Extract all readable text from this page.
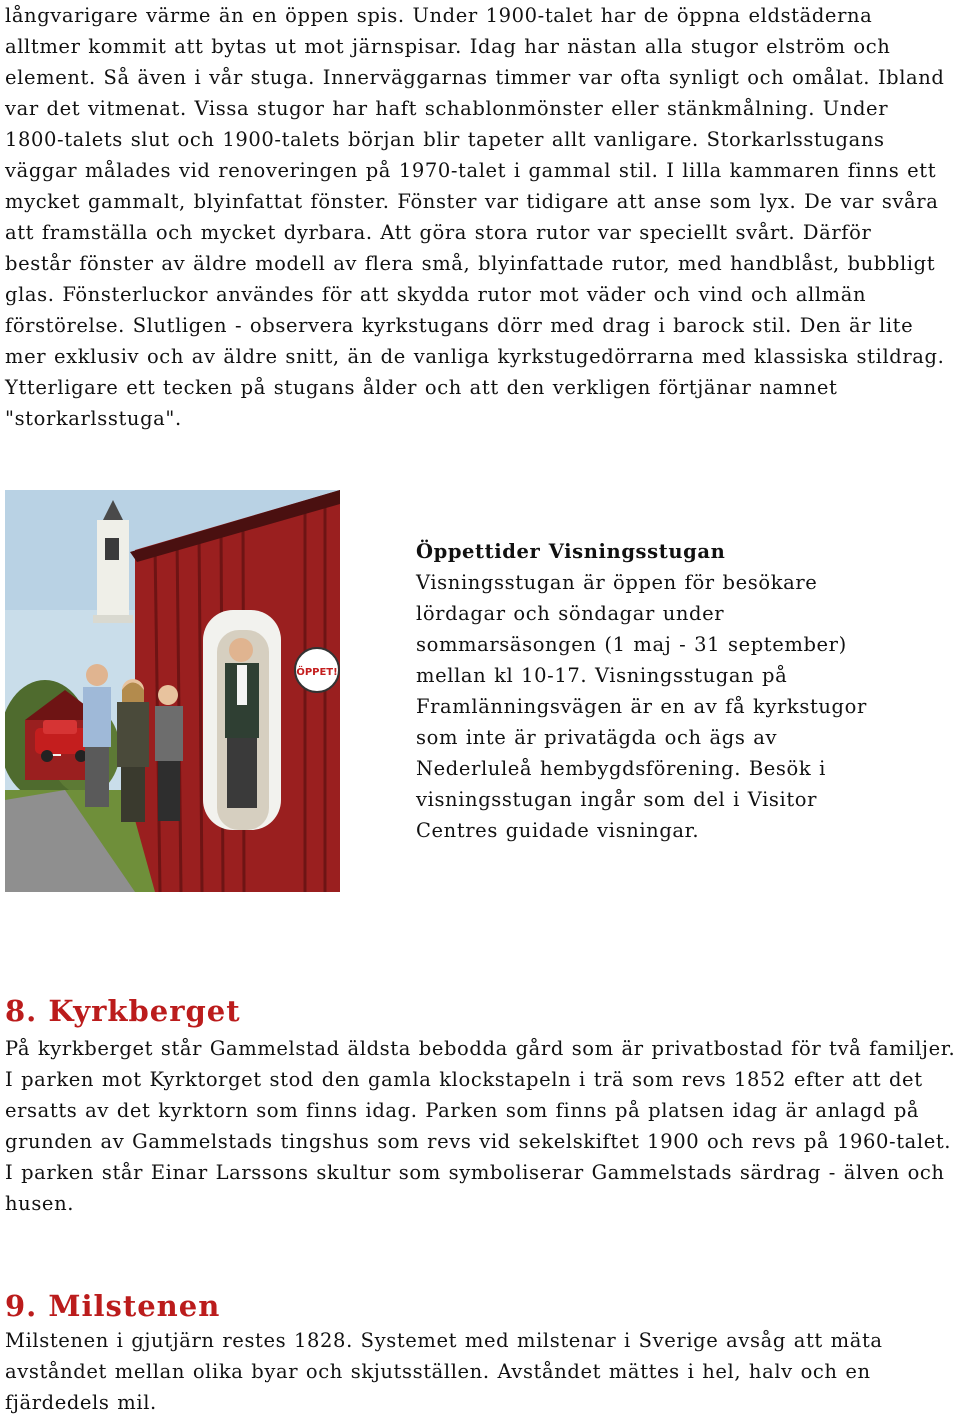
långvarigare värme än en öppen spis. Under 1900-talet har de öppna eldstäderna alltmer kommit att bytas ut mot järnspisar. Idag har nästan alla stugor elström och element. Så även i vår stuga. Innerväggarnas timmer var ofta synligt och omålat. Ibland var det vitmenat. Vissa stugor har haft schablonmönster eller stänkmålning. Under 1800-talets slut och 1900-talets början blir tapeter allt vanligare. Storkarlsstugans väggar målades vid renoveringen på 1970-talet i gammal stil. I lilla kammaren finns ett mycket gammalt, blyinfattat fönster. Fönster var tidigare att anse som lyx. De var svåra att framställa och mycket dyrbara. Att göra stora rutor var speciellt svårt. Därför består fönster av äldre modell av flera små, blyinfattade rutor, med handblåst, bubbligt glas. Fönsterluckor användes för att skydda rutor mot väder och vind och allmän förstörelse. Slutligen - observera kyrkstugans dörr med drag i barock stil. Den är lite mer exklusiv och av äldre snitt, än de vanliga kyrkstugedörrarna med klassiska stildrag. Ytterligare ett tecken på stugans ålder och att den verkligen förtjänar namnet "storkarlsstuga".

ÖPPET!

Öppettider Visningsstugan

Visningsstugan är öppen för besökare lördagar och söndagar under sommarsäsongen (1 maj - 31 september) mellan kl 10-17. Visningsstugan på Framlänningsvägen är en av få kyrkstugor som inte är privatägda och ägs av Nederluleå hembygdsförening. Besök i visningsstugan ingår som del i Visitor Centres guidade visningar.

8. Kyrkberget

På kyrkberget står Gammelstad äldsta bebodda gård som är privatbostad för två familjer. I parken mot Kyrktorget stod den gamla klockstapeln i trä som revs 1852 efter att det ersatts av det kyrktorn som finns idag. Parken som finns på platsen idag är anlagd på grunden av Gammelstads tingshus som revs vid sekelskiftet 1900 och revs på 1960-talet. I parken står Einar Larssons skultur som symboliserar Gammelstads särdrag - älven och husen.

9. Milstenen

Milstenen i gjutjärn restes 1828. Systemet med milstenar i Sverige avsåg att mäta avståndet mellan olika byar och skjutsställen. Avståndet mättes i hel, halv och en fjärdedels mil.
